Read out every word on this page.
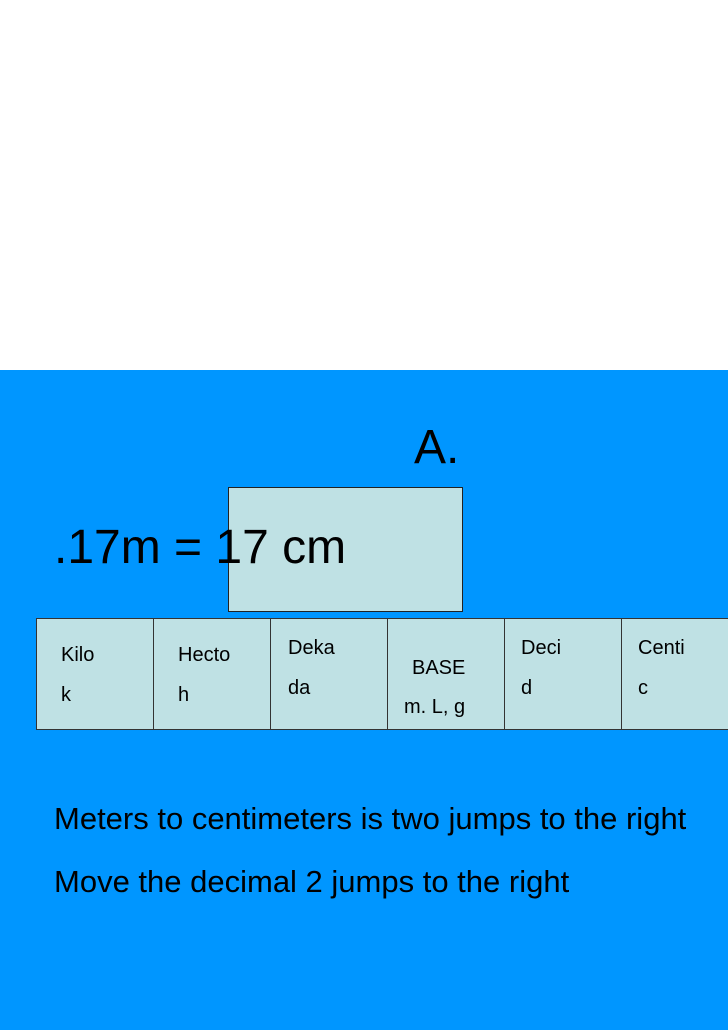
A.
.17m = 17 cm
Kilo
k
Hecto
h
Deka
da
BASE
m. L, g
Deci
d
Centi
c
Meters to centimeters is two jumps to the right
Move the decimal 2 jumps to the right
